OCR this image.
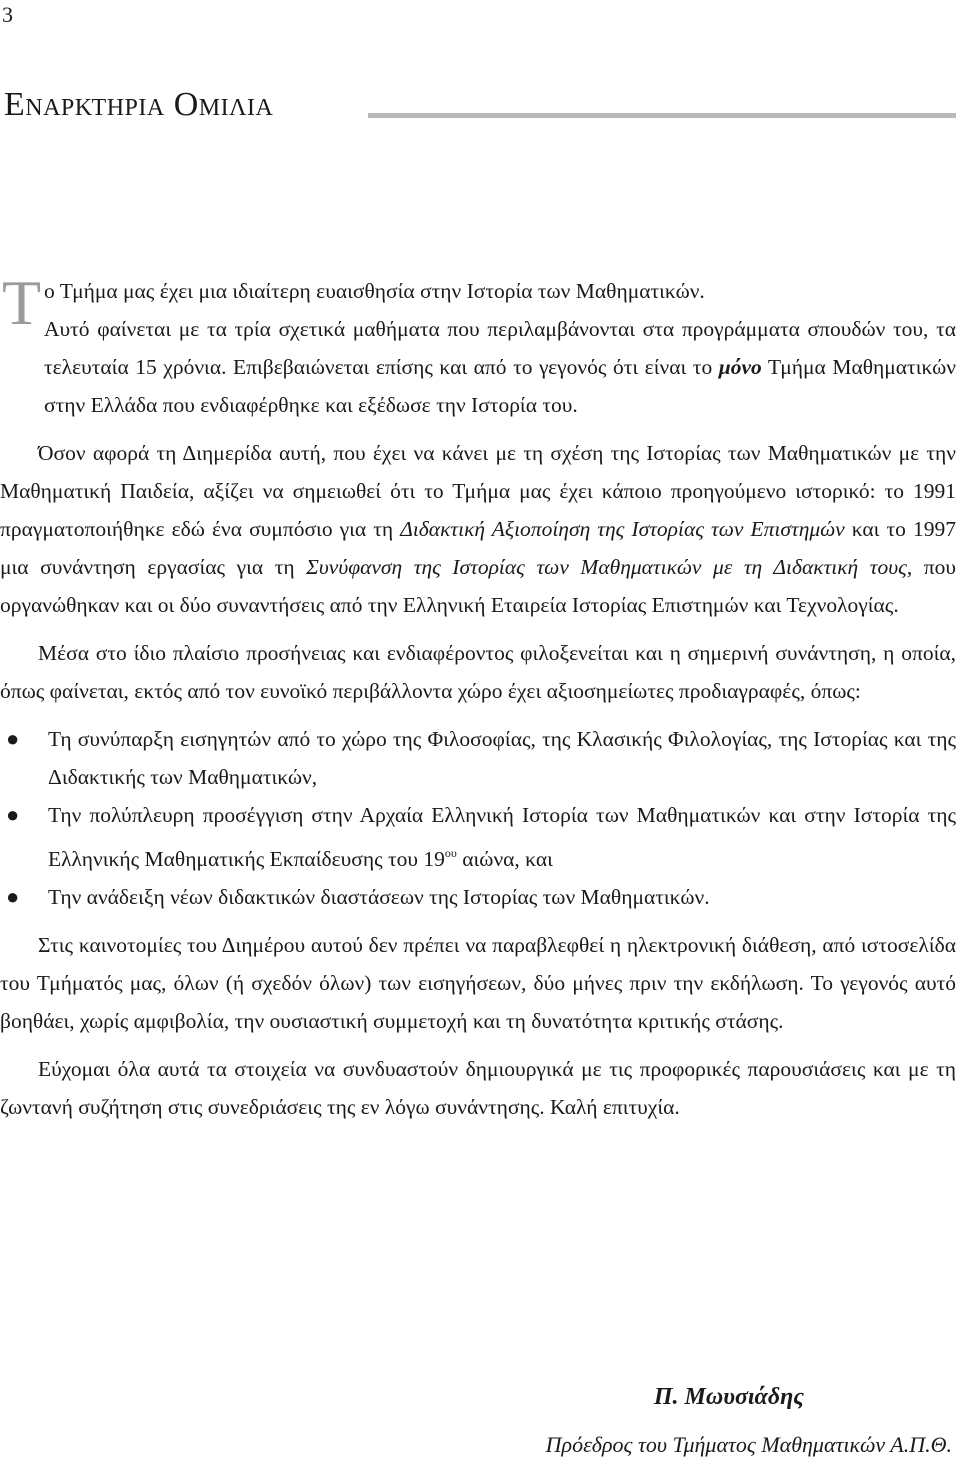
3
Εναρκτηρια Ομιλια

Τ ο Τμήμα μας έχει μια ιδιαίτερη ευαισθησία στην Ιστορία των Μαθηματικών.

Αυτό φαίνεται με τα τρία σχετικά μαθήματα που περιλαμβάνονται στα προγράμματα σπουδών του, τα τελευταία 15 χρόνια. Επιβεβαιώνεται επίσης και από το γεγονός ότι είναι το μόνο Τμήμα Μαθηματικών στην Ελλάδα που ενδιαφέρθηκε και εξέδωσε την Ιστορία του.

Όσον αφορά τη Διημερίδα αυτή, που έχει να κάνει με τη σχέση της Ιστορίας των Μαθηματικών με την Μαθηματική Παιδεία, αξίζει να σημειωθεί ότι το Τμήμα μας έχει κάποιο προηγούμενο ιστορικό: το 1991 πραγματοποιήθηκε εδώ ένα συμπόσιο για τη Διδακτική Αξιοποίηση της Ιστορίας των Επιστημών και το 1997 μια συνάντηση εργασίας για τη Συνύφανση της Ιστορίας των Μαθηματικών με τη Διδακτική τους, που οργανώθηκαν και οι δύο συναντήσεις από την Ελληνική Εταιρεία Ιστορίας Επιστημών και Τεχνολογίας.

Μέσα στο ίδιο πλαίσιο προσήνειας και ενδιαφέροντος φιλοξενείται και η σημερινή συνάντηση, η οποία, όπως φαίνεται, εκτός από τον ευνοϊκό περιβάλλοντα χώρο έχει αξιοσημείωτες προδιαγραφές, όπως:

● Τη συνύπαρξη εισηγητών από το χώρο της Φιλοσοφίας, της Κλασικής Φιλολογίας, της Ιστορίας και της Διδακτικής των Μαθηματικών,
● Την πολύπλευρη προσέγγιση στην Αρχαία Ελληνική Ιστορία των Μαθηματικών και στην Ιστορία της Ελληνικής Μαθηματικής Εκπαίδευσης του $19^{o\upsilon}$ αιώνα, και
● Την ανάδειξη νέων διδακτικών διαστάσεων της Ιστορίας των Μαθηματικών.

Στις καινοτομίες του Διημέρου αυτού δεν πρέπει να παραβλεφθεί η ηλεκτρονική διάθεση, από ιστοσελίδα του Τμήματός μας, όλων (ή σχεδόν όλων) των εισηγήσεων, δύο μήνες πριν την εκδήλωση. Το γεγονός αυτό βοηθάει, χωρίς αμφιβολία, την ουσιαστική συμμετοχή και τη δυνατότητα κριτικής στάσης.

Εύχομαι όλα αυτά τα στοιχεία να συνδυαστούν δημιουργικά με τις προφορικές παρουσιάσεις και με τη ζωντανή συζήτηση στις συνεδριάσεις της εν λόγω συνάντησης. Καλή επιτυχία.

Π. Μωυσιάδης
Πρόεδρος του Τμήματος Μαθηματικών Α.Π.Θ.
